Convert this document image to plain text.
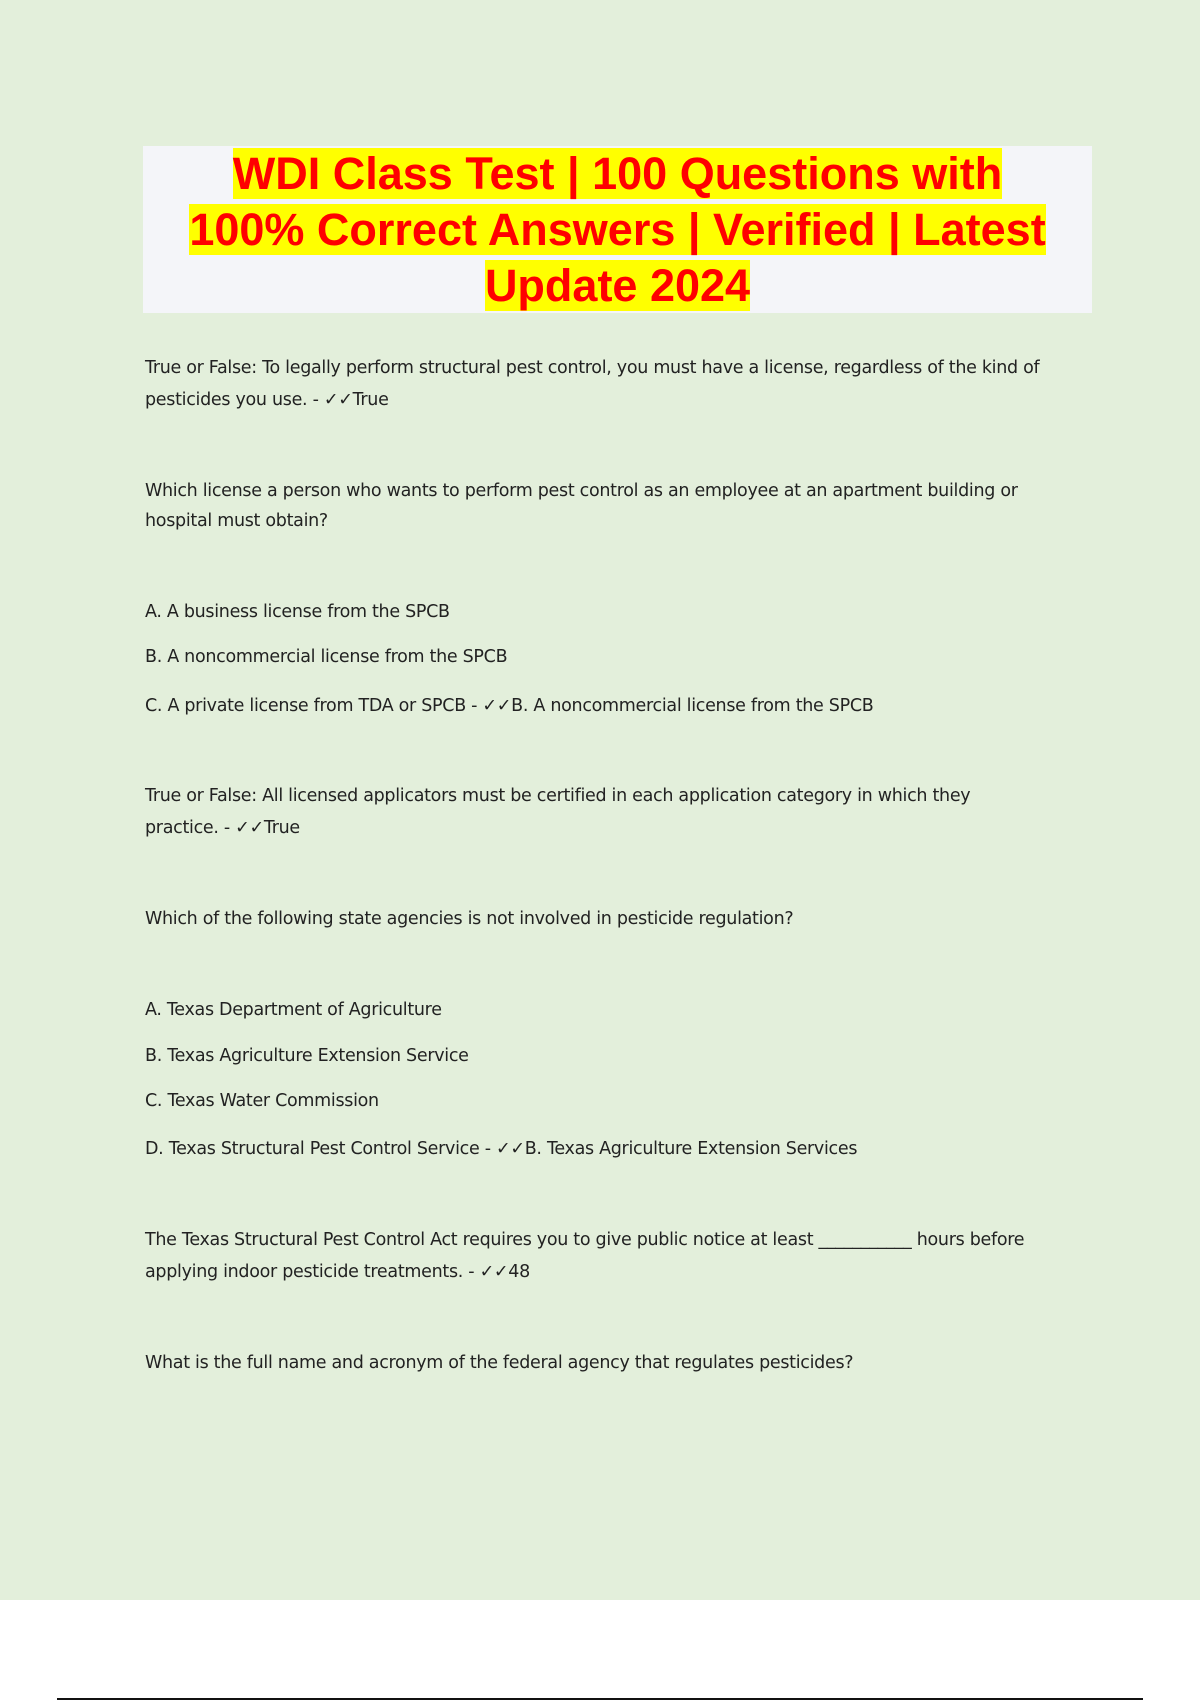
WDI Class Test | 100 Questions with
100% Correct Answers | Verified | Latest
Update 2024

True or False: To legally perform structural pest control, you must have a license, regardless of the kind of
pesticides you use. - ✓✓True
Which license a person who wants to perform pest control as an employee at an apartment building or
hospital must obtain?
A. A business license from the SPCB
B. A noncommercial license from the SPCB
C. A private license from TDA or SPCB - ✓✓B. A noncommercial license from the SPCB
True or False: All licensed applicators must be certified in each application category in which they
practice. - ✓✓True
Which of the following state agencies is not involved in pesticide regulation?
A. Texas Department of Agriculture
B. Texas Agriculture Extension Service
C. Texas Water Commission
D. Texas Structural Pest Control Service - ✓✓B. Texas Agriculture Extension Services
The Texas Structural Pest Control Act requires you to give public notice at least ___________ hours before
applying indoor pesticide treatments. - ✓✓48
What is the full name and acronym of the federal agency that regulates pesticides?
